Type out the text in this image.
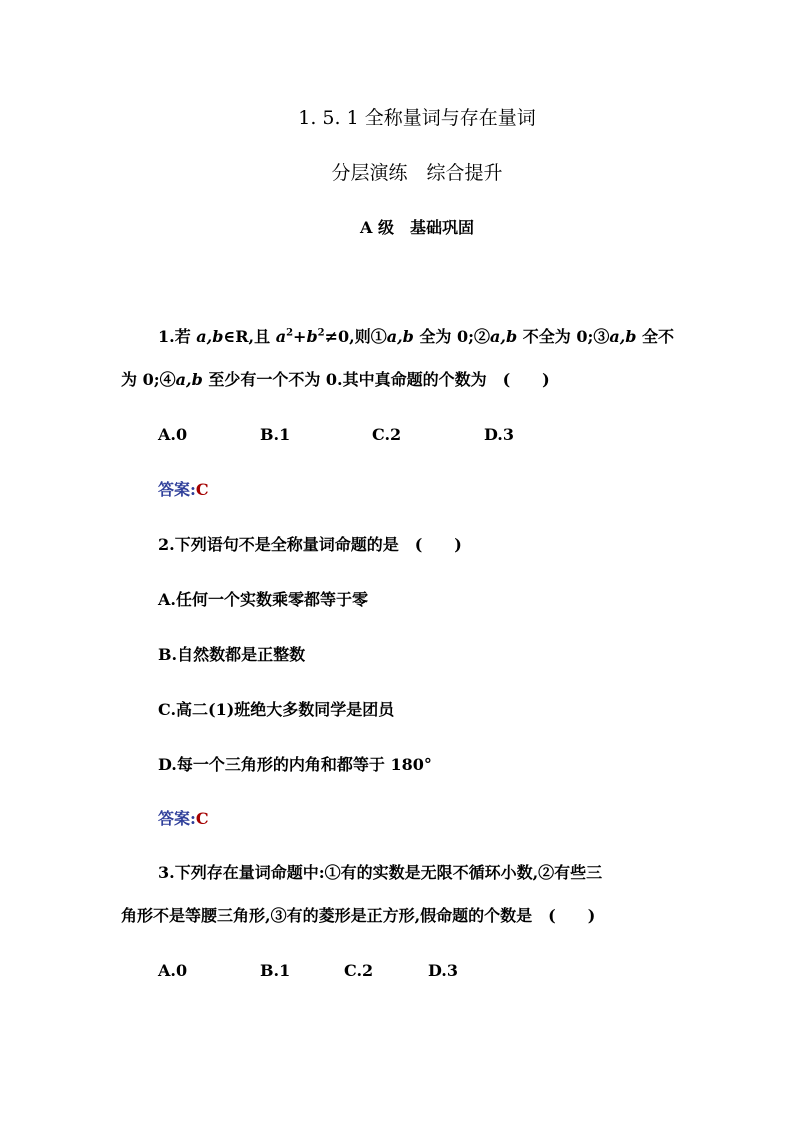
1. 5. 1 全称量词与存在量词
分层演练　综合提升
A 级　基础巩固
1.若 a,b∈R,且 $a^2+b^2\ne 0$,则①a,b 全为 0;②a,b 不全为 0;③a,b 全不
为 0;④a,b 至少有一个不为 0.其中真命题的个数为　(　　)
A.0	B.1	C.2	D.3
答案:C
2.下列语句不是全称量词命题的是　(　　)
A.任何一个实数乘零都等于零
B.自然数都是正整数
C.高二(1)班绝大多数同学是团员
D.每一个三角形的内角和都等于 180°
答案:C
3.下列存在量词命题中:①有的实数是无限不循环小数,②有些三
角形不是等腰三角形,③有的菱形是正方形,假命题的个数是　(　　)
A.0	B.1	C.2	D.3
